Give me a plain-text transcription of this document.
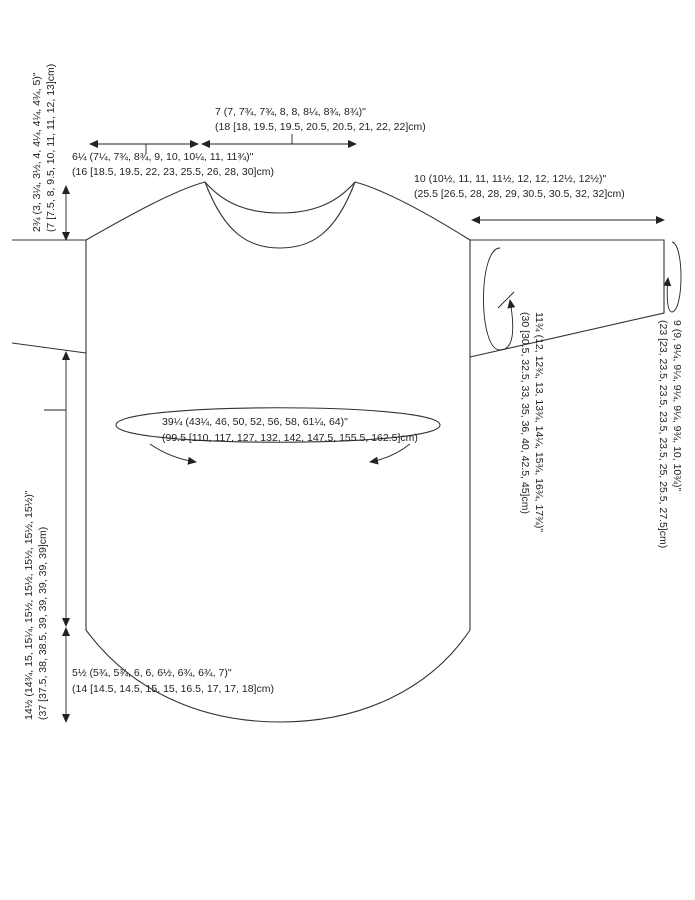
7 (7, 7¾, 7¾, 8, 8, 8¼, 8¾, 8¾)"
(18 [18, 19.5, 19.5, 20.5, 20.5, 21, 22, 22]cm)
6¼ (7¼, 7¾, 8¾, 9, 10, 10¼, 11, 11¾)"
(16 [18.5, 19.5, 22, 23, 25.5, 26, 28, 30]cm)
10 (10½, 11, 11, 11½, 12, 12, 12½, 12½)"
(25.5 [26.5, 28, 28, 29, 30.5, 30.5, 32, 32]cm)
39¼ (43¼, 46, 50, 52, 56, 58, 61¼, 64)"
(99.5 [110, 117, 127, 132, 142, 147.5, 155.5, 162.5]cm)
5½ (5¾, 5¾, 6, 6, 6½, 6¾, 6¾, 7)"
(14 [14.5, 14.5, 15, 15, 16.5, 17, 17, 18]cm)
2¾ (3, 3¼, 3½, 4, 4¼, 4¼, 4¾, 5)" (7 [7.5, 8, 9.5, 10, 11, 11, 12, 13]cm)
14½ (14¾, 15, 15¼, 15½, 15½, 15½, 15½, 15½)" (37 [37.5, 38, 38.5, 39, 39, 39, 39, 39]cm)
11¾ (12, 12¾, 13, 13¾, 14¼, 15¾, 16¾, 17¾)"
(30 [30.5, 32.5, 33, 35, 36, 40, 42.5, 45]cm)	9 (9, 9¼, 9¼, 9¼, 9¼, 9¾, 10, 10¾)"
(23 [23, 23.5, 23.5, 23.5, 23.5, 25, 25.5, 27.5]cm)
